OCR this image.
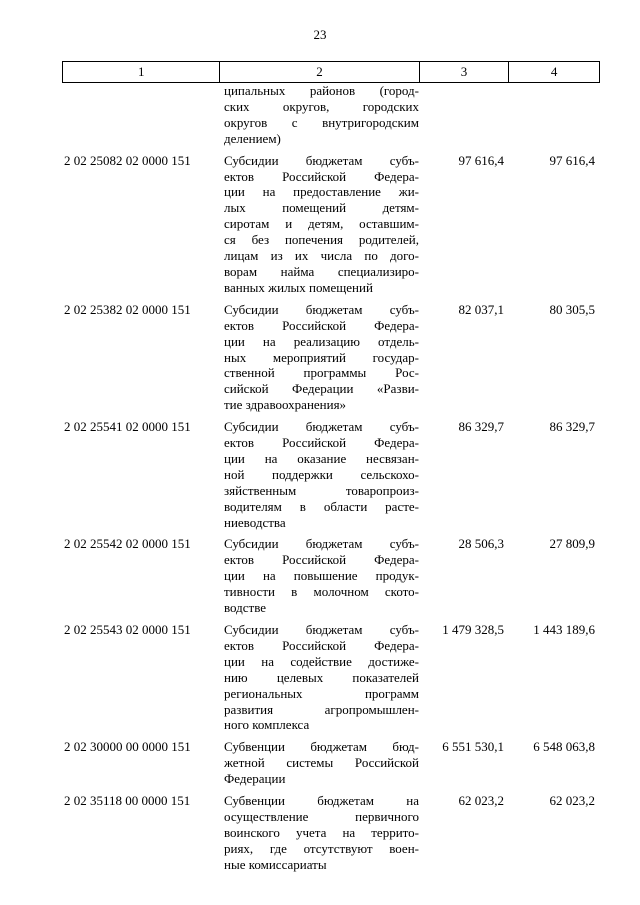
23
1	2	3	4
ципальных районов (город-
ских округов, городских
округов с внутригородским
делением)
2 02 25082 02 0000 151	Субсидии бюджетам субъ-
ектов Российской Федера-
ции на предоставление жи-
лых помещений детям-
сиротам и детям, оставшим-
ся без попечения родителей,
лицам из их числа по дого-
ворам найма специализиро-
ванных жилых помещений
97 616,4	97 616,4
2 02 25382 02 0000 151	Субсидии бюджетам субъ-
ектов Российской Федера-
ции на реализацию отдель-
ных мероприятий государ-
ственной программы Рос-
сийской Федерации «Разви-
тие здравоохранения»
82 037,1	80 305,5
2 02 25541 02 0000 151	Субсидии бюджетам субъ-
ектов Российской Федера-
ции на оказание несвязан-
ной поддержки сельскохо-
зяйственным товаропроиз-
водителям в области расте-
ниеводства
86 329,7	86 329,7
2 02 25542 02 0000 151	Субсидии бюджетам субъ-
ектов Российской Федера-
ции на повышение продук-
тивности в молочном ското-
водстве
28 506,3	27 809,9
2 02 25543 02 0000 151	Субсидии бюджетам субъ-
ектов Российской Федера-
ции на содействие достиже-
нию целевых показателей
региональных программ
развития агропромышлен-
ного комплекса
1 479 328,5	1 443 189,6
2 02 30000 00 0000 151	Субвенции бюджетам бюд-
жетной системы Российской
Федерации
6 551 530,1	6 548 063,8
2 02 35118 00 0000 151	Субвенции бюджетам на
осуществление первичного
воинского учета на террито-
риях, где отсутствуют воен-
ные комиссариаты
62 023,2	62 023,2
